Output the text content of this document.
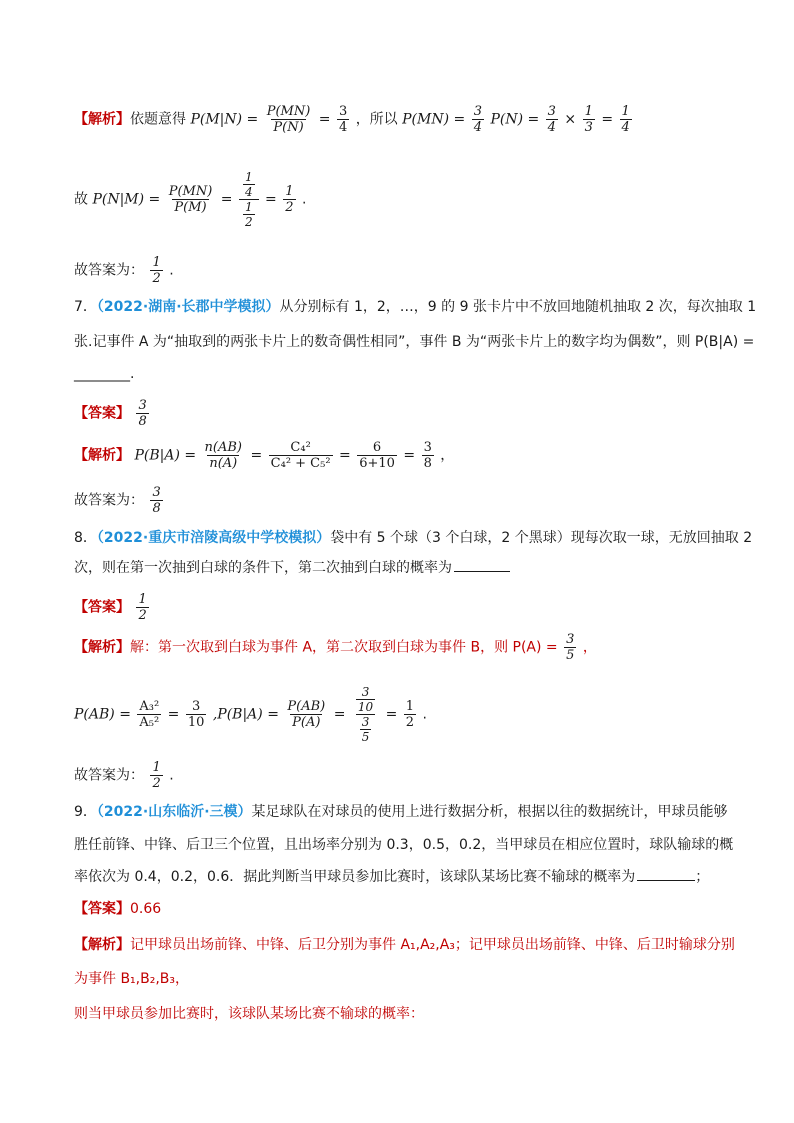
【解析】依题意得 $P(M|N) = \frac{P(MN)}{P(N)} = \frac{3}{4}$ ，所以 $P(MN) = \frac{3}{4} P(N) = \frac{3}{4} \times \frac{1}{3} = \frac{1}{4}$
故 $P(N|M) = \frac{P(MN)}{P(M)} = \frac{\frac{1}{4}}{\frac{1}{2}} = \frac{1}{2}$ .
故答案为： $\frac{1}{2}$ .
7．（2022·湖南·长郡中学模拟）从分别标有 1，2，…，9 的 9 张卡片中不放回地随机抽取 2 次，每次抽取 1
张.记事件 A 为“抽取到的两张卡片上的数奇偶性相同”，事件 B 为“两张卡片上的数字均为偶数”，则 P(B|A) =
________.
【答案】 $\frac{3}{8}$
【解析】 $P(B|A) = \frac{n(AB)}{n(A)} = \frac{\text{C₄²}}{\text{C₄² + C₅²}} = \frac{6}{6+10} = \frac{3}{8}$ ，
故答案为： $\frac{3}{8}$
8．（2022·重庆市涪陵高级中学校模拟）袋中有 5 个球（3 个白球，2 个黑球）现每次取一球，无放回抽取 2
次，则在第一次抽到白球的条件下，第二次抽到白球的概率为
【答案】 $\frac{1}{2}$
【解析】解：第一次取到白球为事件 A，第二次取到白球为事件 B，则 $P(A) = \frac{3}{5}$ ，
$P(AB) = \frac{\text{A₃²}}{\text{A₅²}} = \frac{3}{10} ,P(B|A) = \frac{P(AB)}{P(A)} = \frac{\frac{3}{10}}{\frac{3}{5}} = \frac{1}{2}$ .
故答案为： $\frac{1}{2}$ .
9．（2022·山东临沂·三模）某足球队在对球员的使用上进行数据分析，根据以往的数据统计，甲球员能够
胜任前锋、中锋、后卫三个位置，且出场率分别为 0.3，0.5，0.2，当甲球员在相应位置时，球队输球的概
率依次为 0.4，0.2，0.6．据此判断当甲球员参加比赛时，该球队某场比赛不输球的概率为	；
【答案】0.66
【解析】记甲球员出场前锋、中锋、后卫分别为事件 A₁,A₂,A₃；记甲球员出场前锋、中锋、后卫时输球分别
为事件 B₁,B₂,B₃，
则当甲球员参加比赛时，该球队某场比赛不输球的概率：
